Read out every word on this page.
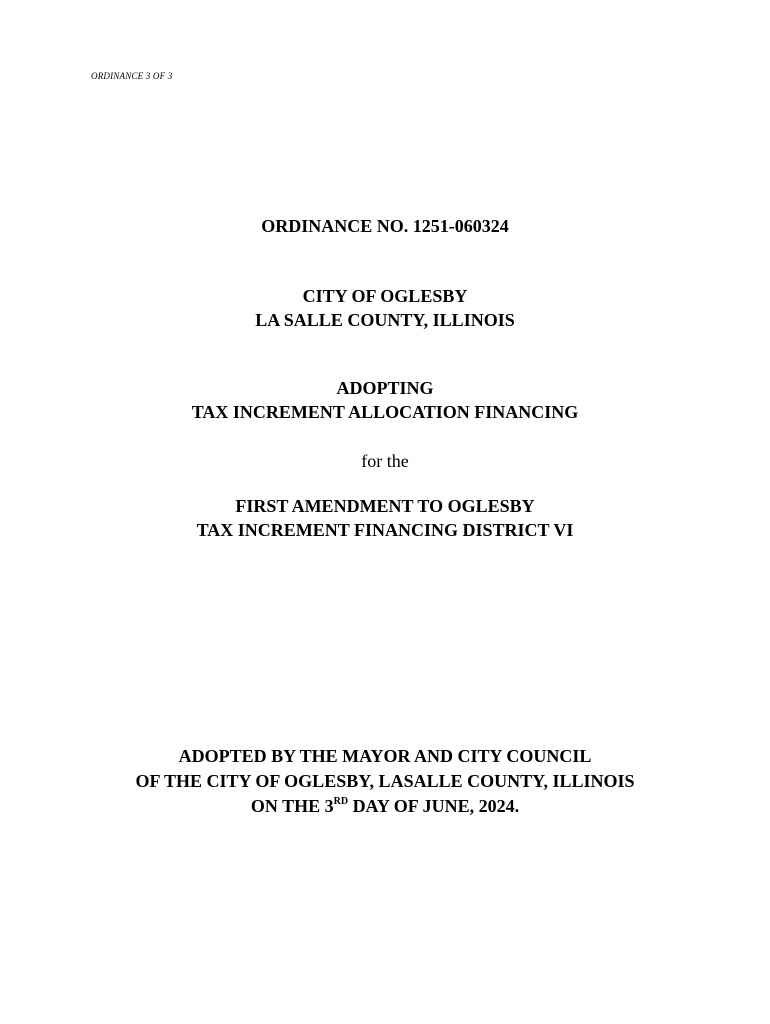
ORDINANCE 3 OF 3
ORDINANCE NO. 1251-060324
CITY OF OGLESBY
LA SALLE COUNTY, ILLINOIS
ADOPTING
TAX INCREMENT ALLOCATION FINANCING
for the
FIRST AMENDMENT TO OGLESBY
TAX INCREMENT FINANCING DISTRICT VI
ADOPTED BY THE MAYOR AND CITY COUNCIL
OF THE CITY OF OGLESBY, LASALLE COUNTY, ILLINOIS
ON THE 3RD DAY OF JUNE, 2024.
